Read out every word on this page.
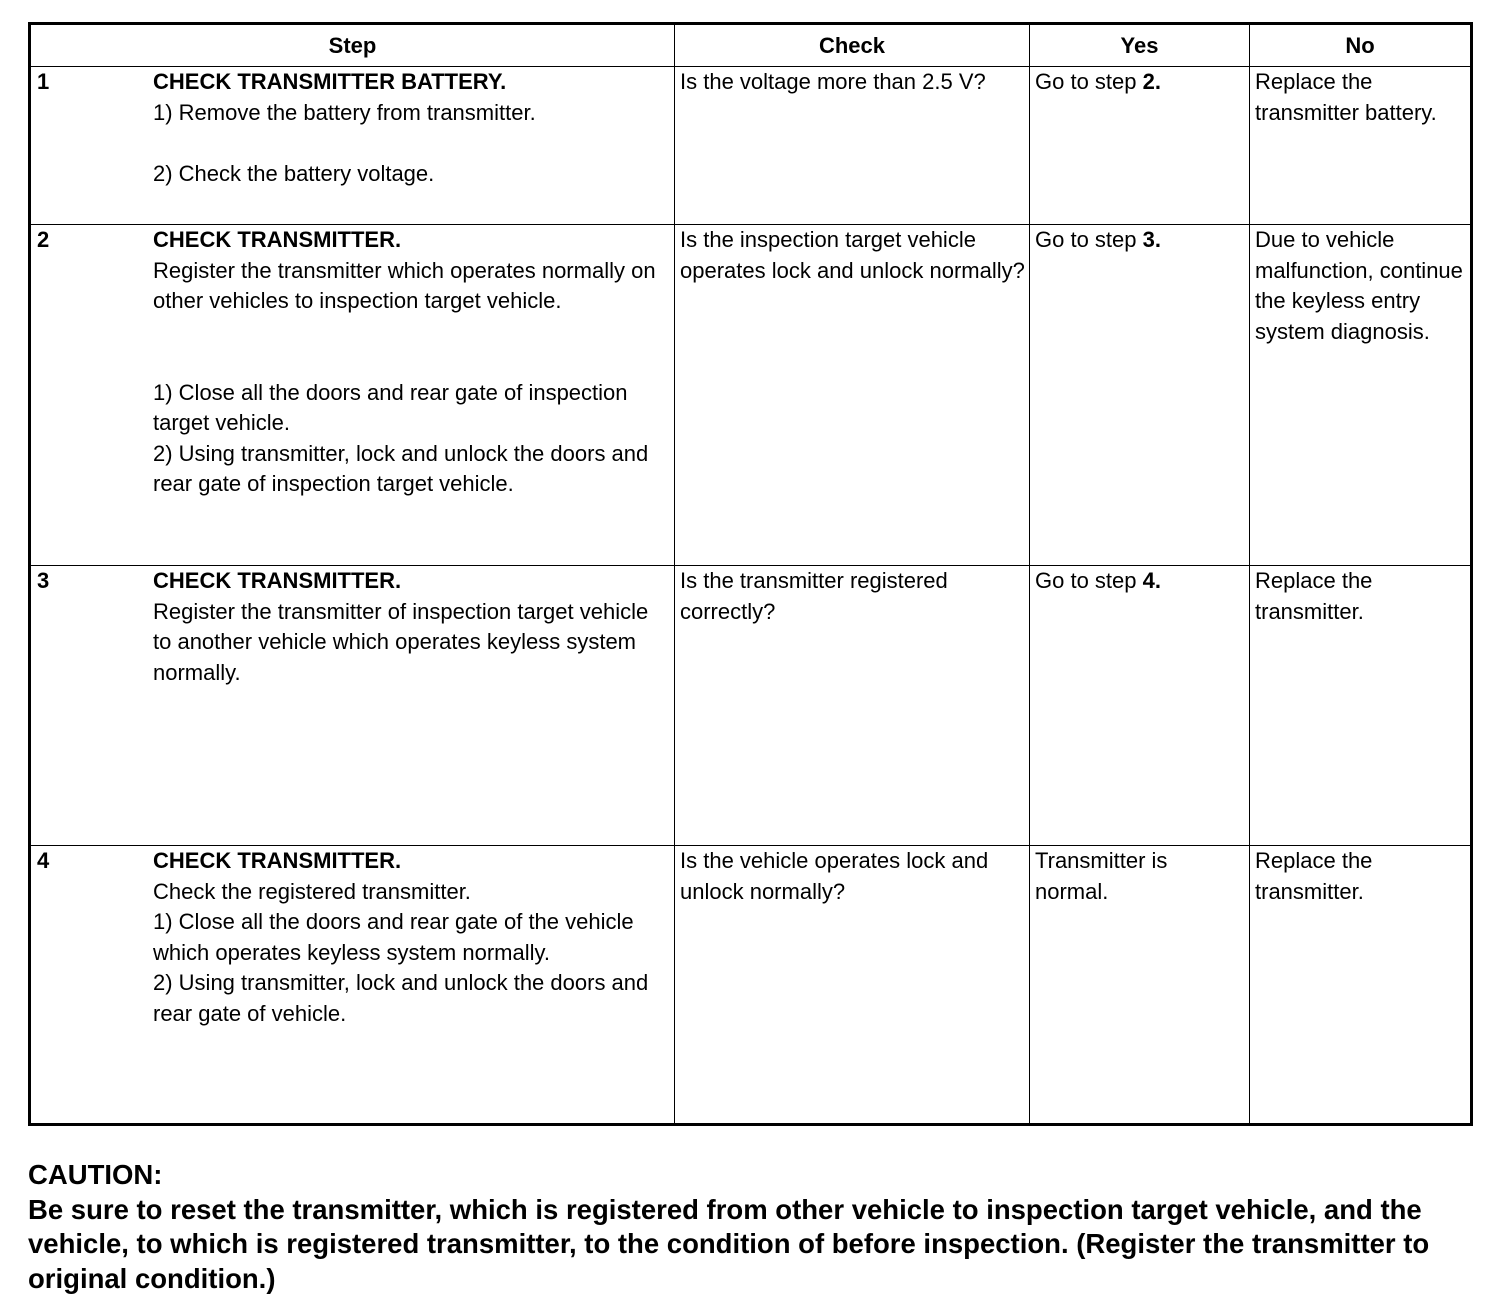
Step	Check	Yes	No

1 CHECK TRANSMITTER BATTERY.
1) Remove the battery from transmitter.
2) Check the battery voltage.	Is the voltage more than 2.5 V?	Go to step 2.	Replace the transmitter battery.

2 CHECK TRANSMITTER.
Register the transmitter which operates normally on other vehicles to inspection target vehicle.
1) Close all the doors and rear gate of inspection target vehicle.
2) Using transmitter, lock and unlock the doors and rear gate of inspection target vehicle.	Is the inspection target vehicle operates lock and unlock normally?	Go to step 3.	Due to vehicle malfunction, continue the keyless entry system diagnosis.

3 CHECK TRANSMITTER.
Register the transmitter of inspection target vehicle to another vehicle which operates keyless system normally.	Is the transmitter registered correctly?	Go to step 4.	Replace the transmitter.

4 CHECK TRANSMITTER.
Check the registered transmitter.
1) Close all the doors and rear gate of the vehicle which operates keyless system normally.
2) Using transmitter, lock and unlock the doors and rear gate of vehicle.	Is the vehicle operates lock and unlock normally?	Transmitter is normal.	Replace the transmitter.
CAUTION:
Be sure to reset the transmitter, which is registered from other vehicle to inspection target vehicle, and the vehicle, to which is registered transmitter, to the condition of before inspection. (Register the transmitter to original condition.)
